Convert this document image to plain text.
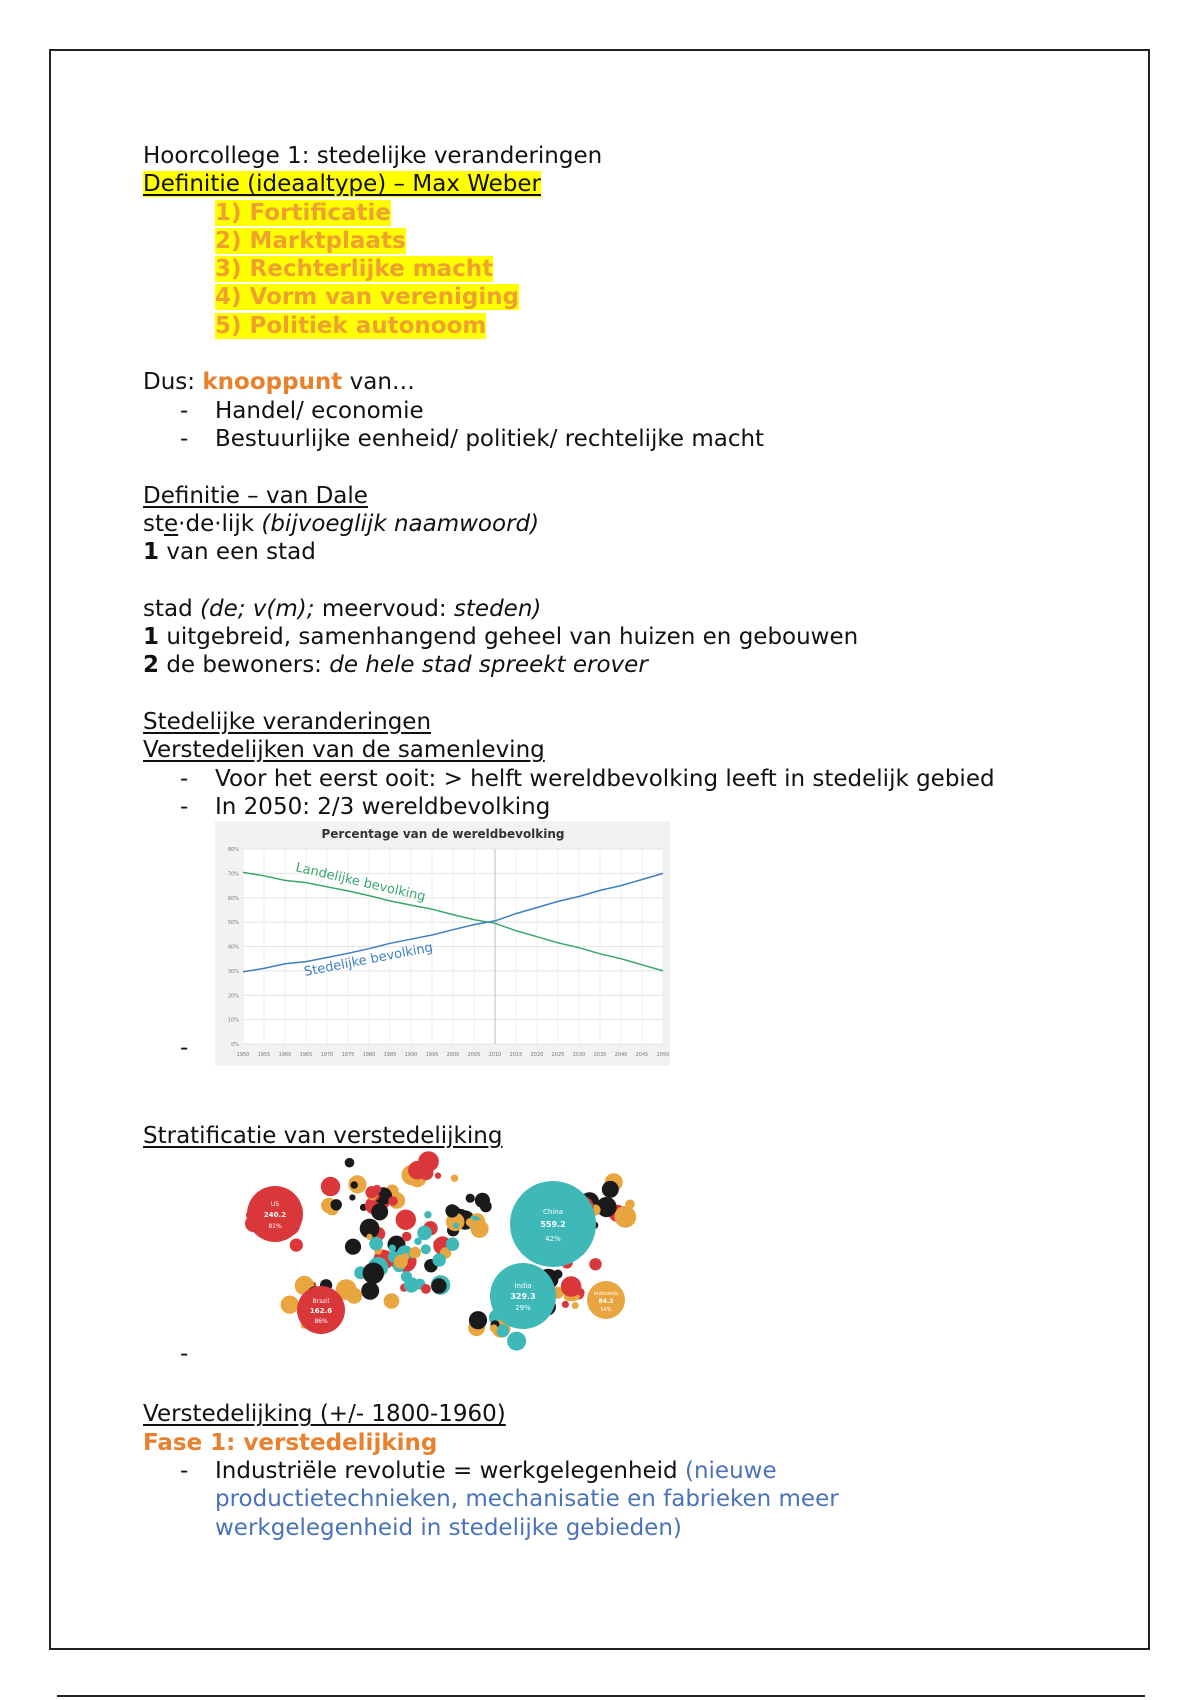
Hoorcollege 1: stedelijke veranderingen
Definitie (ideaaltype) – Max Weber
1) Fortificatie
2) Marktplaats
3) Rechterlijke macht
4) Vorm van vereniging
5) Politiek autonoom
Dus: knooppunt van…
- Handel/ economie
- Bestuurlijke eenheid/ politiek/ rechtelijke macht
Definitie – van Dale
ste·de·lijk (bijvoeglijk naamwoord)
1 van een stad
stad (de; v(m); meervoud: steden)
1 uitgebreid, samenhangend geheel van huizen en gebouwen
2 de bewoners: de hele stad spreekt erover
Stedelijke veranderingen
Verstedelijken van de samenleving
- Voor het eerst ooit: > helft wereldbevolking leeft in stedelijk gebied
- In 2050: 2/3 wereldbevolking
Percentage van de wereldbevolking
0%
10%
20%
30%
40%
50%
60%
70%
80%
1950 1955 1960 1965 1970 1975 1980 1985 1990 1995 2000 2005 2010 2015 2020 2025 2030 2035 2040 2045 2050
Landelijke bevolking
Stedelijke bevolking
-
Stratificatie van verstedelijking
China
559.2
42%
India
329.3
29%
US
240.2
81%
Brazil
162.6
86%
Indonesia
84.3
54%
-
Verstedelijking (+/- 1800-1960)
Fase 1: verstedelijking
- Industriële revolutie = werkgelegenheid (nieuwe productietechnieken, mechanisatie en fabrieken meer werkgelegenheid in stedelijke gebieden)
